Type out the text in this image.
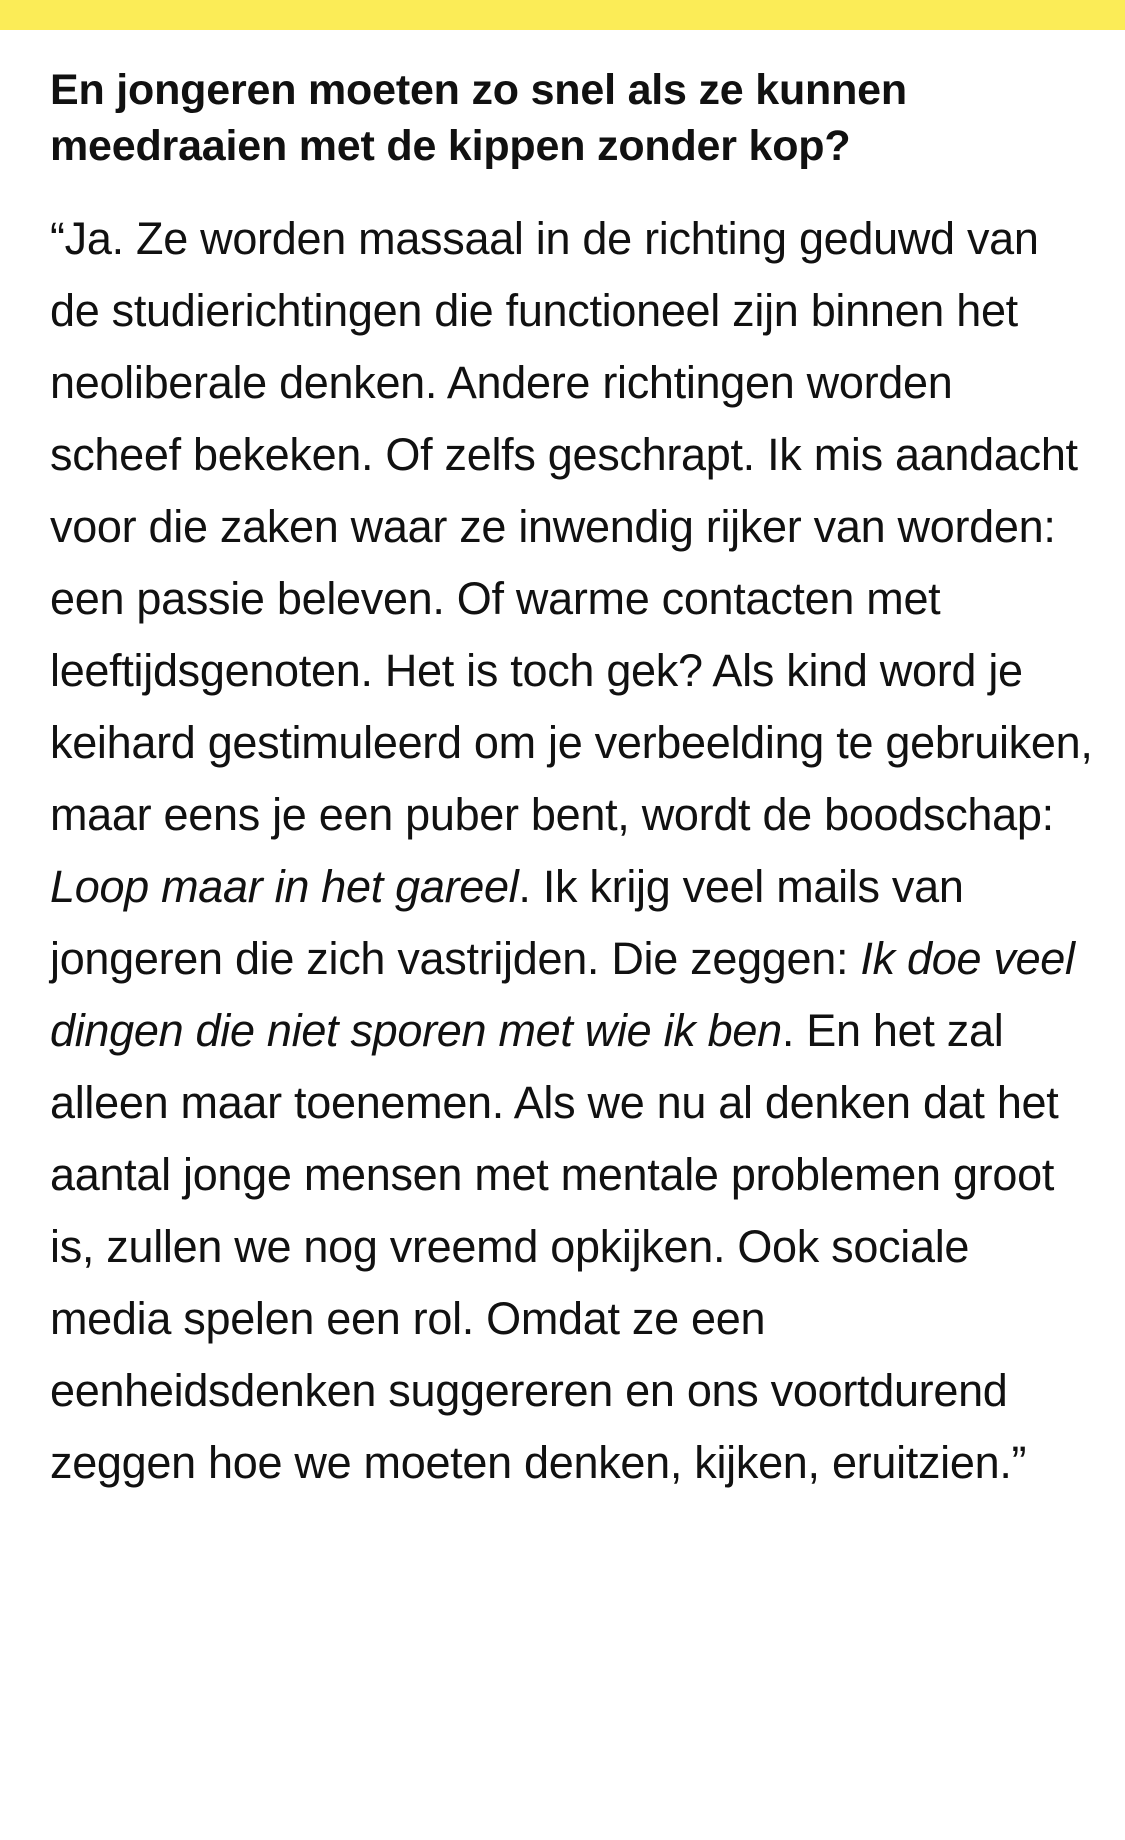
En jongeren moeten zo snel als ze kunnen meedraaien met de kippen zonder kop?

“Ja. Ze worden massaal in de richting geduwd van de studierichtingen die functioneel zijn binnen het neoliberale denken. Andere richtingen worden scheef bekeken. Of zelfs geschrapt. Ik mis aandacht voor die zaken waar ze inwendig rijker van worden: een passie beleven. Of warme contacten met leeftijdsgenoten. Het is toch gek? Als kind word je keihard gestimuleerd om je verbeelding te gebruiken, maar eens je een puber bent, wordt de boodschap: Loop maar in het gareel. Ik krijg veel mails van jongeren die zich vastrijden. Die zeggen: Ik doe veel dingen die niet sporen met wie ik ben. En het zal alleen maar toenemen. Als we nu al denken dat het aantal jonge mensen met mentale problemen groot is, zullen we nog vreemd opkijken. Ook sociale media spelen een rol. Omdat ze een eenheidsdenken suggereren en ons voortdurend zeggen hoe we moeten denken, kijken, eruitzien.”
